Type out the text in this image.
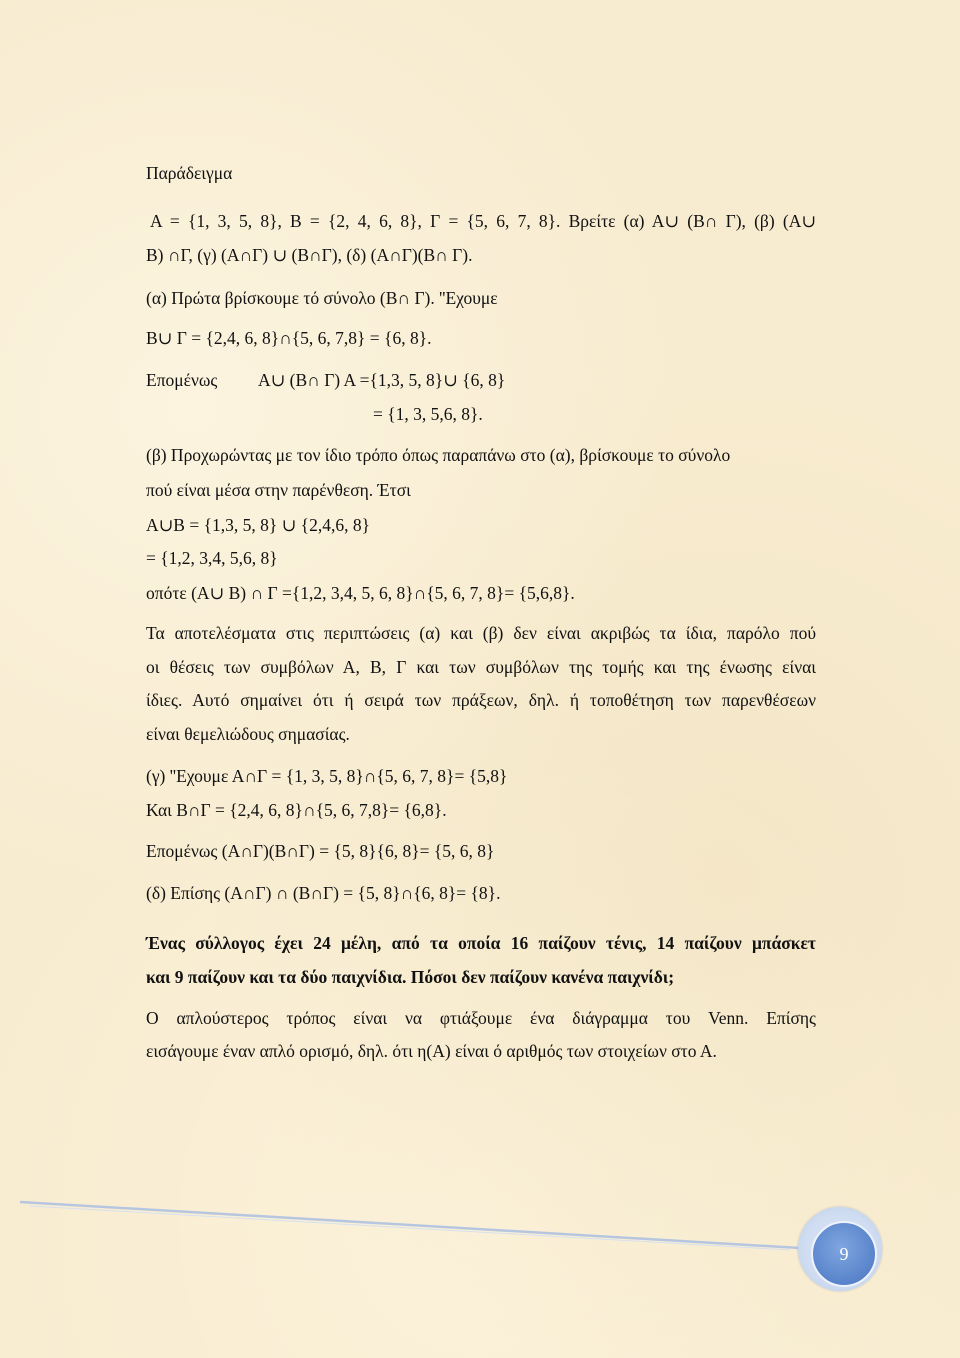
Παράδειγμα
Α = {1, 3, 5, 8}, Β = {2, 4, 6, 8}, Γ = {5, 6, 7, 8}. Βρείτε (α) Α∪ (Β∩ Γ), (β) (Α∪
Β) ∩Γ, (γ) (Α∩Γ) ∪ (Β∩Γ), (δ) (Α∩Γ)(Β∩ Γ).
(α) Πρώτα βρίσκουμε τό σύνολο (Β∩ Γ). ''Εχουμε
Β∪ Γ = {2,4, 6, 8}∩{5, 6, 7,8} = {6, 8}.
Επομένως Α∪ (Β∩ Γ) Α ={1,3, 5, 8}∪ {6, 8}
= {1, 3, 5,6, 8}.
(β) Προχωρώντας με τον ίδιο τρόπο όπως παραπάνω στο (α), βρίσκουμε το σύνολο
πού είναι μέσα στην παρένθεση. Έτσι
Α∪Β = {1,3, 5, 8} ∪ {2,4,6, 8}
= {1,2, 3,4, 5,6, 8}
οπότε (Α∪ Β) ∩ Γ ={1,2, 3,4, 5, 6, 8}∩{5, 6, 7, 8}= {5,6,8}.
Τα αποτελέσματα στις περιπτώσεις (α) και (β) δεν είναι ακριβώς τα ίδια, παρόλο πού
οι θέσεις των συμβόλων Α, Β, Γ και των συμβόλων της τομής και της ένωσης είναι
ίδιες. Αυτό σημαίνει ότι ή σειρά των πράξεων, δηλ. ή τοποθέτηση των παρενθέσεων
είναι θεμελιώδους σημασίας.
(γ) ''Εχουμε Α∩Γ = {1, 3, 5, 8}∩{5, 6, 7, 8}= {5,8}
Και Β∩Γ = {2,4, 6, 8}∩{5, 6, 7,8}= {6,8}.
Επομένως (Α∩Γ)(Β∩Γ) = {5, 8}{6, 8}= {5, 6, 8}
(δ) Επίσης (Α∩Γ) ∩ (Β∩Γ) = {5, 8}∩{6, 8}= {8}.
Ένας σύλλογος έχει 24 μέλη, από τα οποία 16 παίζουν τένις, 14 παίζουν μπάσκετ
και 9 παίζουν και τα δύο παιχνίδια. Πόσοι δεν παίζουν κανένα παιχνίδι;
Ο απλούστερος τρόπος είναι να φτιάξουμε ένα διάγραμμα του Venn. Επίσης
εισάγουμε έναν απλό ορισμό, δηλ. ότι η(Α) είναι ό αριθμός των στοιχείων στο Α.
9
